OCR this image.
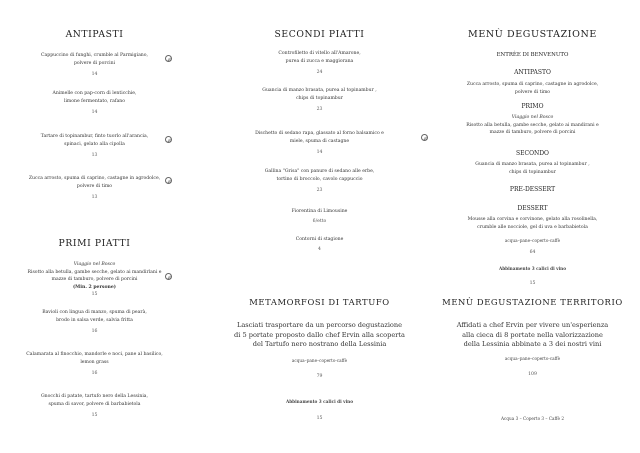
ANTIPASTI
Cappuccino di funghi, crumble al Parmigiano,
polvere di porcini
14
Animelle con pap-corn di lenticchie,
limone fermentato, rafano
14
Tartare di topinambur, finto tuorlo all'arancia,
spinaci, gelato alla cipolla
13
Zucca arrosto, spuma di caprino, castagne in agrodolce,
polvere di timo
13
PRIMI PIATTI
Viaggio nel Bosco
Risotto alla betulla, gambe secche, gelato ai mandirlani e
mazze di tamburo, polvere di porcini
(Min. 2 persone)
15
Bavioli con lingua di manzo, spuma di pearà,
brodo in salsa verde, salvia fritta
16
Calamarata al finocchio, mandorle e noci, pane al basilico,
lemon grass
16
Gnocchi di patate, tartufo nero della Lessinia,
spuma di savor, polvere di barbabietola
15
SECONDI PIATTI
Controfiletto di vitello all'Amarone,
purea di zucca e maggiorana
24
Guancia di manzo brasata, purea al topinambur ,
chips di topinambur
23
Dischetto di sedano rapa, glassato al forno balsamico e
miele, spuma di castagne
14
Gallina "Grisa" con panure di sedano alle erbe,
tortino di broccolo, cavolo cappuccio
23
Fiorentina di Limousine
6/etto
Contorni di stagione
4
METAMORFOSI DI TARTUFO
Lasciati trasportare da un percorso degustazione
di 5 portate proposto dallo chef Ervin alla scoperta
del Tartufo nero nostrano della Lessinia
acqua–pane–coperto-caffè
79
Abbinamento 3 calici di vino
15
MENÙ DEGUSTAZIONE
ENTRÈE DI BENVENUTO
ANTIPASTO
Zucca arrosto, spuma di caprino, castagne in agrodolce,
polvere di timo
PRIMO
Viaggio nel Bosco
Risotto alla betulla, gambe secche, gelato ai mandirani e
mazze di tamburo, polvere di porcini
SECONDO
Guancia di manzo brasata, purea al topinambur ,
chips di topinambur
PRE-DESSERT
DESSERT
Mousse alla corvina e corvinone, gelato alla rosolinella,
crumble alle nocciole, gel di uva e barbabietola
acqua–pane–coperto-caffè
64
Abbinamento 3 calici di vino
15
MENÙ DEGUSTAZIONE TERRITORIO
Affidati a chef Ervin per vivere un'esperienza
alla cieca di 8 portate nella valorizzazione
della Lessinia abbinate a 3 dei nostri vini
acqua–pane–coperto-caffè
109
Acqua 3 – Coperto 3 – Caffè 2
